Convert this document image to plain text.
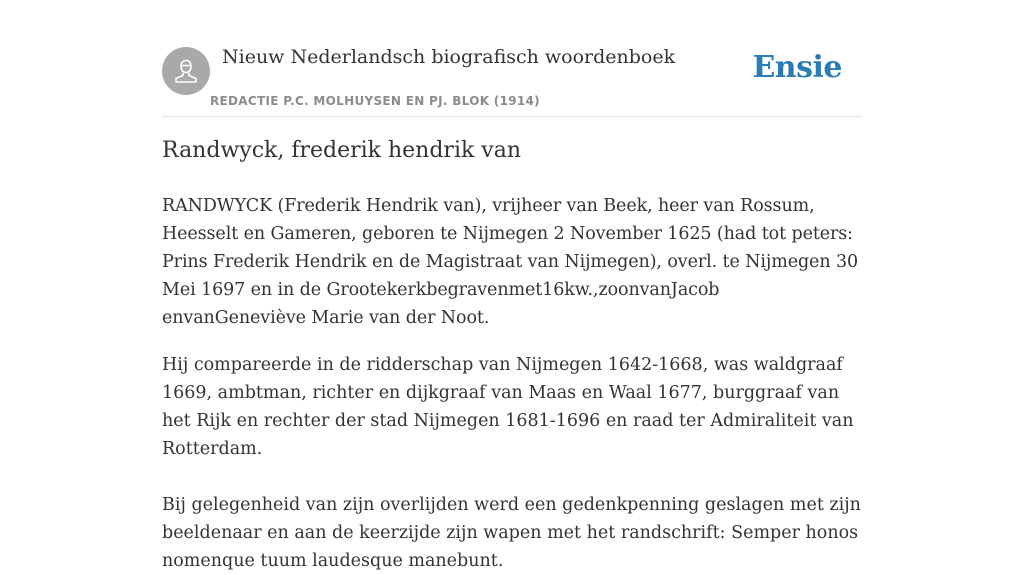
Nieuw Nederlandsch biografisch woordenboek
REDACTIE P.C. MOLHUYSEN EN PJ. BLOK (1914)
Ensie
Randwyck, frederik hendrik van

RANDWYCK (Frederik Hendrik van), vrijheer van Beek, heer van Rossum, Heesselt en Gameren, geboren te Nijmegen 2 November 1625 (had tot peters: Prins Frederik Hendrik en de Magistraat van Nijmegen), overl. te Nijmegen 30 Mei 1697 en in de Grootekerkbegravenmet16kw.,zoonvanJacob envanGeneviève Marie van der Noot.

Hij compareerde in de ridderschap van Nijmegen 1642-1668, was waldgraaf 1669, ambtman, richter en dijkgraaf van Maas en Waal 1677, burggraaf van het Rijk en rechter der stad Nijmegen 1681-1696 en raad ter Admiraliteit van Rotterdam.

Bij gelegenheid van zijn overlijden werd een gedenkpenning geslagen met zijn beeldenaar en aan de keerzijde zijn wapen met het randschrift: Semper honos nomenque tuum laudesque manebunt.
